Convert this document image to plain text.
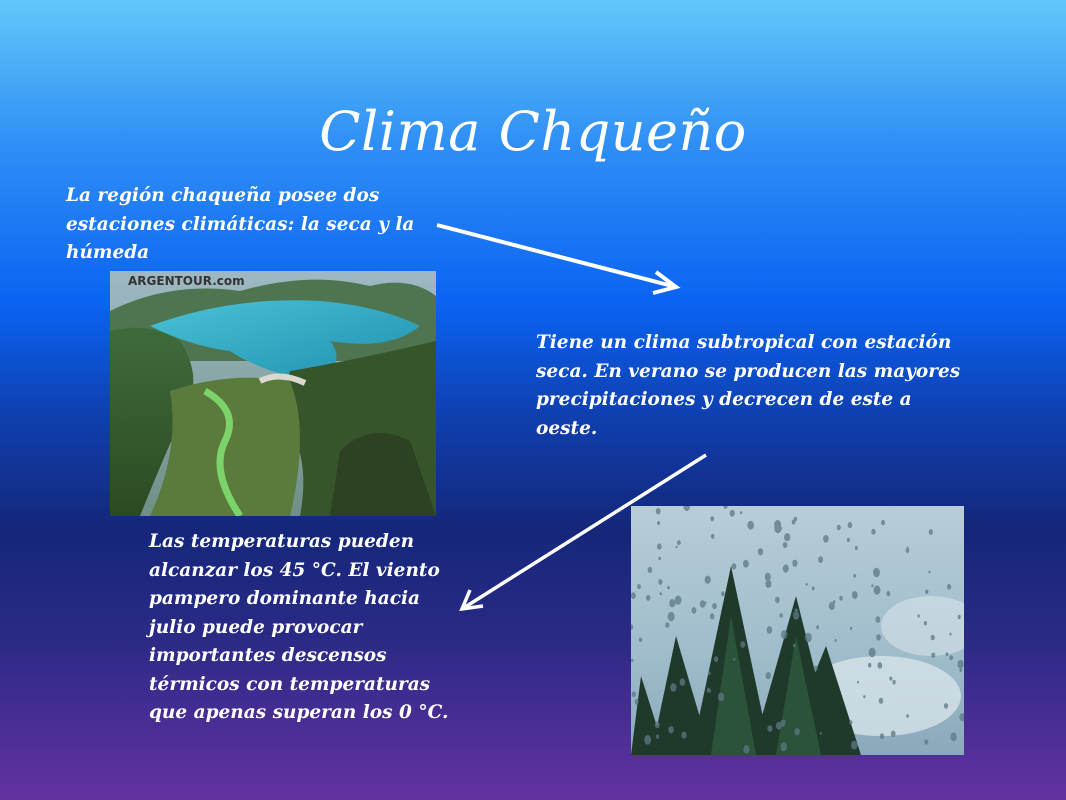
Clima Chqueño
La región chaqueña posee dos estaciones climáticas: la seca y la húmeda
ARGENTOUR.com
Tiene un clima subtropical con estación seca. En verano se producen las mayores precipitaciones y decrecen de este a oeste.
Las temperaturas pueden alcanzar los 45 °C. El viento pampero dominante hacia julio puede provocar importantes descensos térmicos con temperaturas que apenas superan los 0 °C.
